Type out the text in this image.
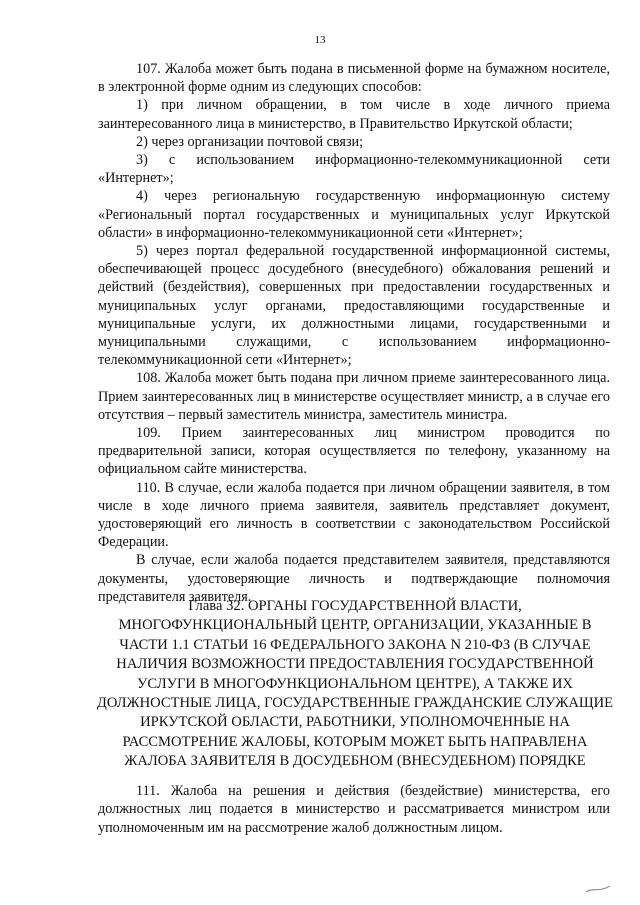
13

107. Жалоба может быть подана в письменной форме на бумажном носителе, в электронной форме одним из следующих способов:

1) при личном обращении, в том числе в ходе личного приема заинтересованного лица в министерство, в Правительство Иркутской области;

2) через организации почтовой связи;

3) с использованием информационно-телекоммуникационной сети «Интернет»;

4) через региональную государственную информационную систему «Региональный портал государственных и муниципальных услуг Иркутской области» в информационно-телекоммуникационной сети «Интернет»;

5) через портал федеральной государственной информационной системы, обеспечивающей процесс досудебного (внесудебного) обжалования решений и действий (бездействия), совершенных при предоставлении государственных и муниципальных услуг органами, предоставляющими государственные и муниципальные услуги, их должностными лицами, государственными и муниципальными служащими, с использованием информационно-телекоммуникационной сети «Интернет»;

108. Жалоба может быть подана при личном приеме заинтересованного лица. Прием заинтересованных лиц в министерстве осуществляет министр, а в случае его отсутствия – первый заместитель министра, заместитель министра.

109. Прием заинтересованных лиц министром проводится по предварительной записи, которая осуществляется по телефону, указанному на официальном сайте министерства.

110. В случае, если жалоба подается при личном обращении заявителя, в том числе в ходе личного приема заявителя, заявитель представляет документ, удостоверяющий его личность в соответствии с законодательством Российской Федерации.

В случае, если жалоба подается представителем заявителя, представляются документы, удостоверяющие личность и подтверждающие полномочия представителя заявителя.

Глава 32. ОРГАНЫ ГОСУДАРСТВЕННОЙ ВЛАСТИ, МНОГОФУНКЦИОНАЛЬНЫЙ ЦЕНТР, ОРГАНИЗАЦИИ, УКАЗАННЫЕ В ЧАСТИ 1.1 СТАТЬИ 16 ФЕДЕРАЛЬНОГО ЗАКОНА N 210-ФЗ (В СЛУЧАЕ НАЛИЧИЯ ВОЗМОЖНОСТИ ПРЕДОСТАВЛЕНИЯ ГОСУДАРСТВЕННОЙ УСЛУГИ В МНОГОФУНКЦИОНАЛЬНОМ ЦЕНТРЕ), А ТАКЖЕ ИХ ДОЛЖНОСТНЫЕ ЛИЦА, ГОСУДАРСТВЕННЫЕ ГРАЖДАНСКИЕ СЛУЖАЩИЕ ИРКУТСКОЙ ОБЛАСТИ, РАБОТНИКИ, УПОЛНОМОЧЕННЫЕ НА РАССМОТРЕНИЕ ЖАЛОБЫ, КОТОРЫМ МОЖЕТ БЫТЬ НАПРАВЛЕНА ЖАЛОБА ЗАЯВИТЕЛЯ В ДОСУДЕБНОМ (ВНЕСУДЕБНОМ) ПОРЯДКЕ

111. Жалоба на решения и действия (бездействие) министерства, его должностных лиц подается в министерство и рассматривается министром или уполномоченным им на рассмотрение жалоб должностным лицом.
